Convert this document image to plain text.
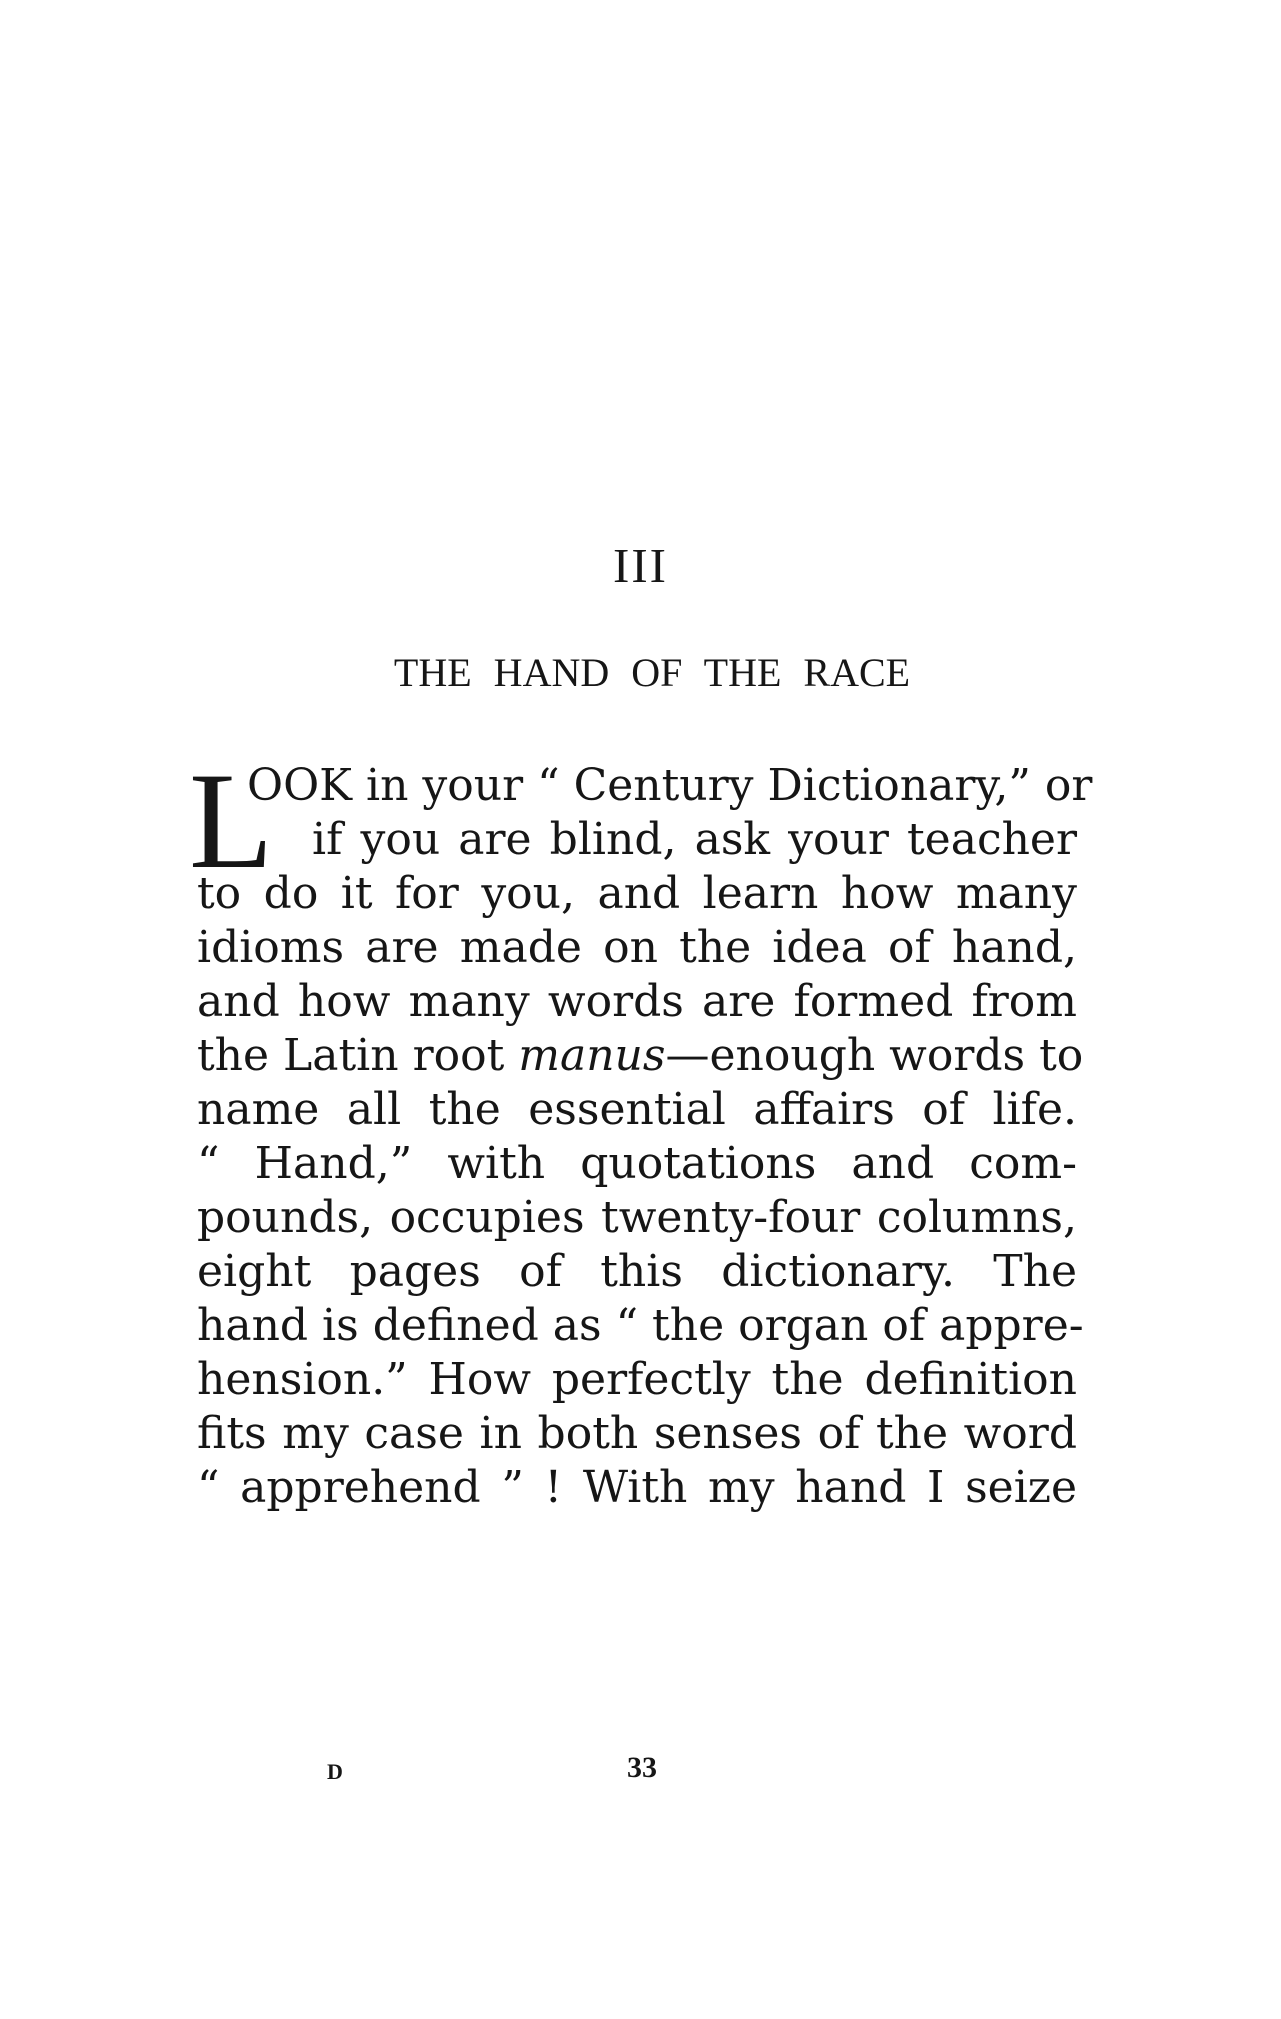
III
THE HAND OF THE RACE
L
OOK in your “ Century Dictionary,” or
if you are blind, ask your teacher
to do it for you, and learn how many
idioms are made on the idea of hand,
and how many words are formed from
the Latin root manus—enough words to
name all the essential affairs of life.
“ Hand,” with quotations and com-
pounds, occupies twenty-four columns,
eight pages of this dictionary. The
hand is defined as “ the organ of appre-
hension.” How perfectly the definition
fits my case in both senses of the word
“ apprehend ” ! With my hand I seize
D	33
